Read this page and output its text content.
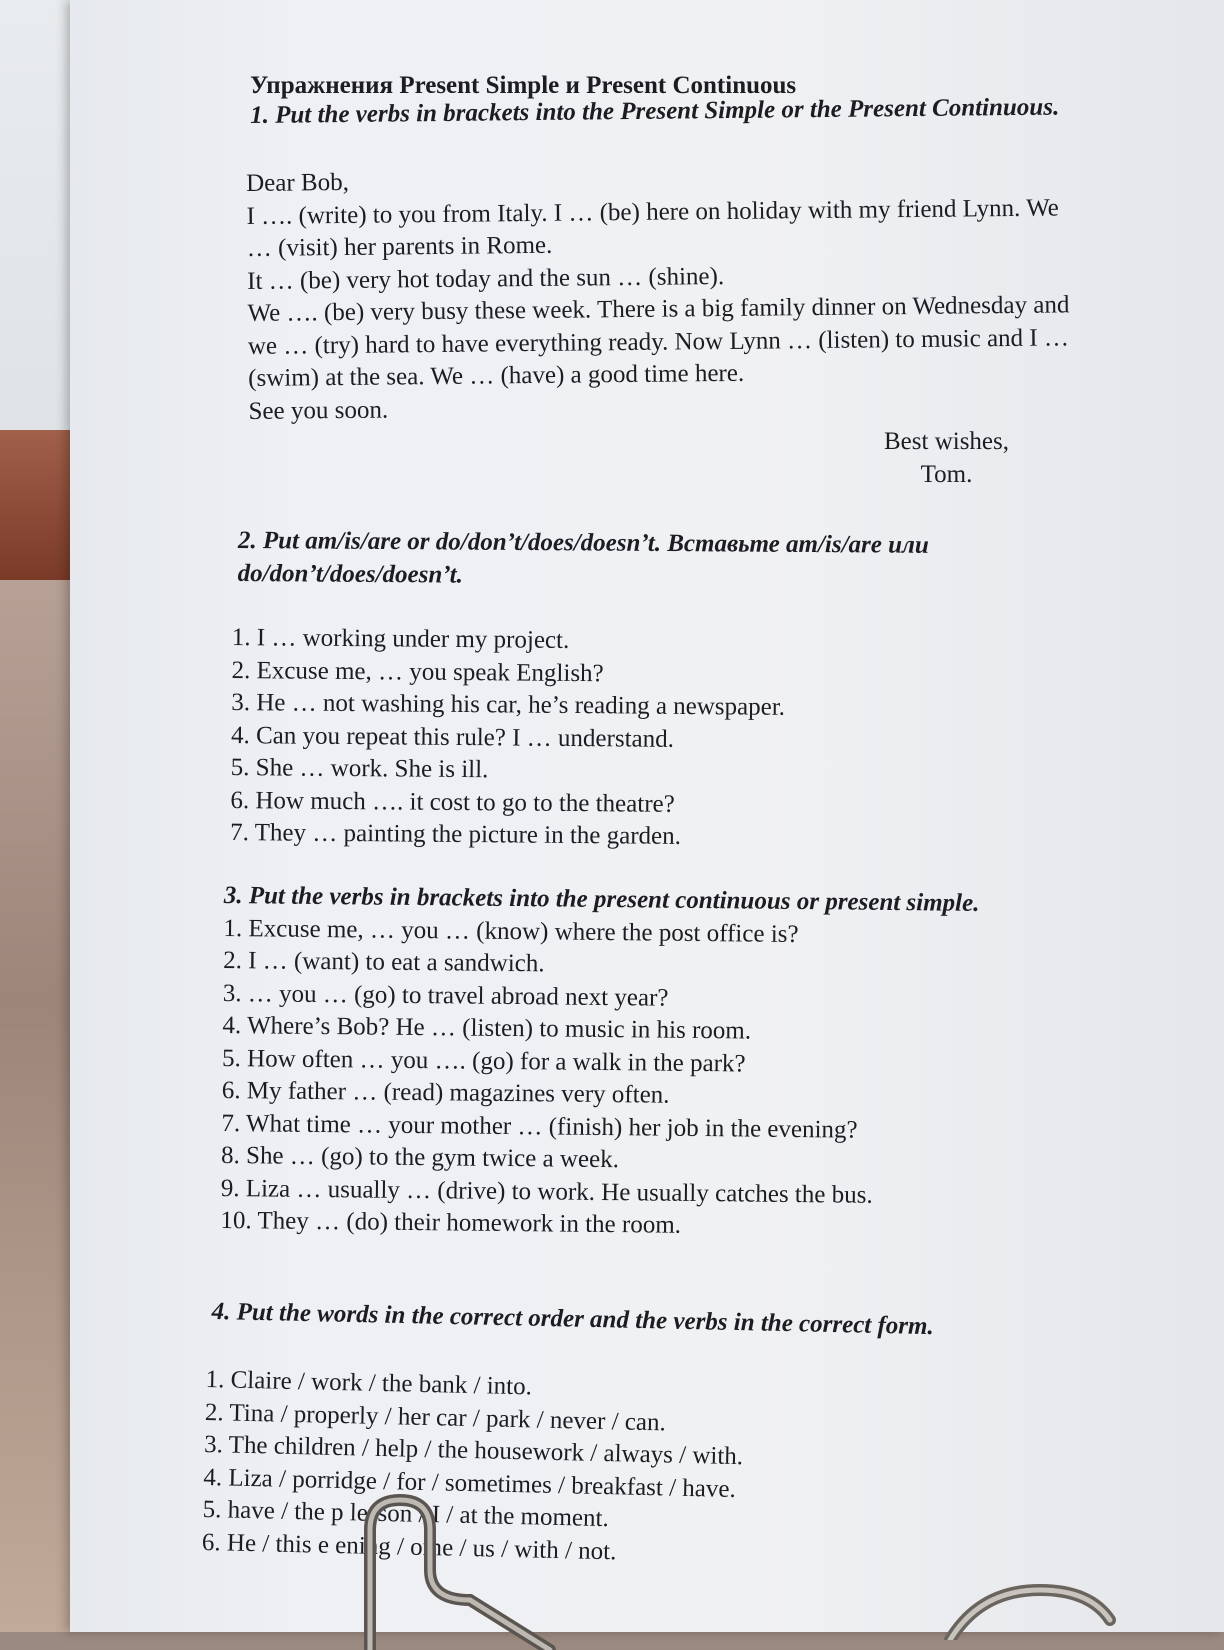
Упражнения Present Simple и Present Continuous
1. Put the verbs in brackets into the Present Simple or the Present Continuous.

Dear Bob,

I …. (write) to you from Italy. I … (be) here on holiday with my friend Lynn. We

… (visit) her parents in Rome.

It … (be) very hot today and the sun … (shine).

We …. (be) very busy these week. There is a big family dinner on Wednesday and

we … (try) hard to have everything ready. Now Lynn … (listen) to music and I …

(swim) at the sea. We … (have) a good time here.

See you soon.

Best wishes,

Tom.

2. Put am/is/are or do/don’t/does/doesn’t. Вставьте am/is/are или
do/don’t/does/doesn’t.
1. I … working under my project.
2. Excuse me, … you speak English?
3. He … not washing his car, he’s reading a newspaper.
4. Can you repeat this rule? I … understand.
5. She … work. She is ill.
6. How much …. it cost to go to the theatre?
7. They … painting the picture in the garden.
3. Put the verbs in brackets into the present continuous or present simple.
1. Excuse me, … you … (know) where the post office is?
2. I … (want) to eat a sandwich.
3. … you … (go) to travel abroad next year?
4. Where’s Bob? He … (listen) to music in his room.
5. How often … you …. (go) for a walk in the park?
6. My father … (read) magazines very often.
7. What time … your mother … (finish) her job in the evening?
8. She … (go) to the gym twice a week.
9. Liza … usually … (drive) to work. He usually catches the bus.
10. They … (do) their homework in the room.
4. Put the words in the correct order and the verbs in the correct form.
1. Claire / work / the bank / into.
2. Tina / properly / her car / park / never / can.
3. The children / help / the housework / always / with.
4. Liza / porridge / for / sometimes / breakfast / have.
5. have / the p lesson / I / at the moment.
6. He / this e ening / ome / us / with / not.
